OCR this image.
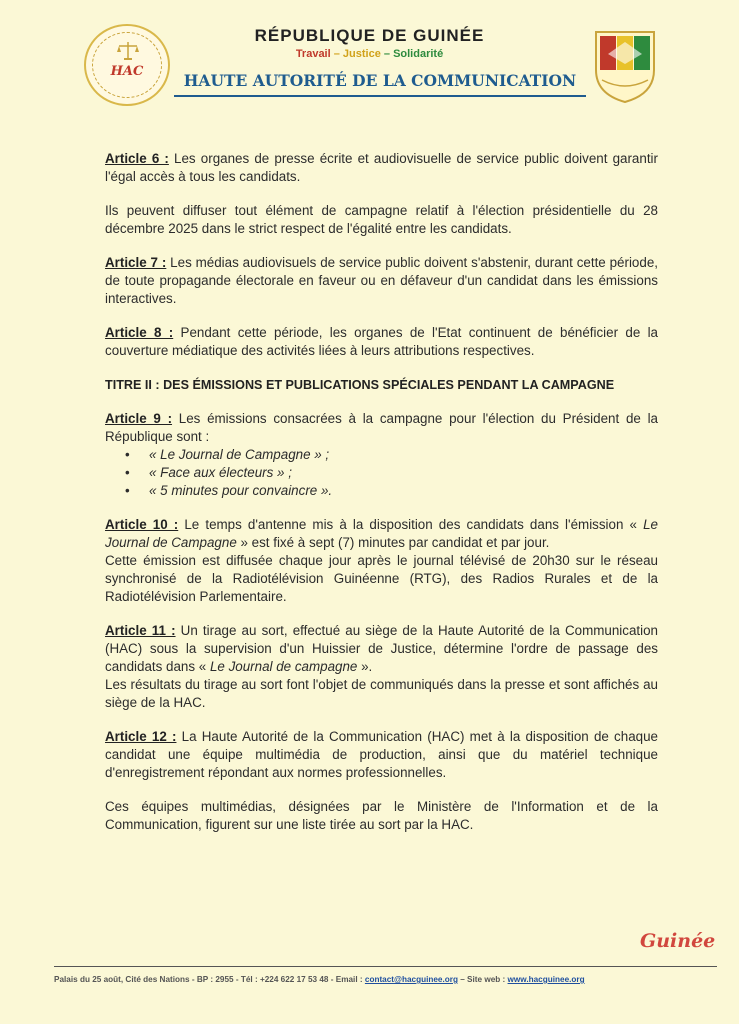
HAC
RÉPUBLIQUE DE GUINÉE
Travail – Justice – Solidarité
HAUTE AUTORITÉ DE LA COMMUNICATION

Article 6 : Les organes de presse écrite et audiovisuelle de service public doivent garantir l'égal accès à tous les candidats.

Ils peuvent diffuser tout élément de campagne relatif à l'élection présidentielle du 28 décembre 2025 dans le strict respect de l'égalité entre les candidats.

Article 7 : Les médias audiovisuels de service public doivent s'abstenir, durant cette période, de toute propagande électorale en faveur ou en défaveur d'un candidat dans les émissions interactives.

Article 8 : Pendant cette période, les organes de l'Etat continuent de bénéficier de la couverture médiatique des activités liées à leurs attributions respectives.

TITRE II : DES ÉMISSIONS ET PUBLICATIONS SPÉCIALES PENDANT LA CAMPAGNE
Article 9 : Les émissions consacrées à la campagne pour l'élection du Président de la République sont :
• « Le Journal de Campagne » ;
• « Face aux électeurs » ;
• « 5 minutes pour convaincre ».
Article 10 : Le temps d'antenne mis à la disposition des candidats dans l'émission « Le Journal de Campagne » est fixé à sept (7) minutes par candidat et par jour.
Cette émission est diffusée chaque jour après le journal télévisé de 20h30 sur le réseau synchronisé de la Radiotélévision Guinéenne (RTG), des Radios Rurales et de la Radiotélévision Parlementaire.
Article 11 : Un tirage au sort, effectué au siège de la Haute Autorité de la Communication (HAC) sous la supervision d'un Huissier de Justice, détermine l'ordre de passage des candidats dans « Le Journal de campagne ».
Les résultats du tirage au sort font l'objet de communiqués dans la presse et sont affichés au siège de la HAC.

Article 12 : La Haute Autorité de la Communication (HAC) met à la disposition de chaque candidat une équipe multimédia de production, ainsi que du matériel technique d'enregistrement répondant aux normes professionnelles.

Ces équipes multimédias, désignées par le Ministère de l'Information et de la Communication, figurent sur une liste tirée au sort par la HAC.

Guinée
Palais du 25 août, Cité des Nations - BP : 2955 - Tél : +224 622 17 53 48 - Email : contact@hacguinee.org – Site web : www.hacguinee.org
